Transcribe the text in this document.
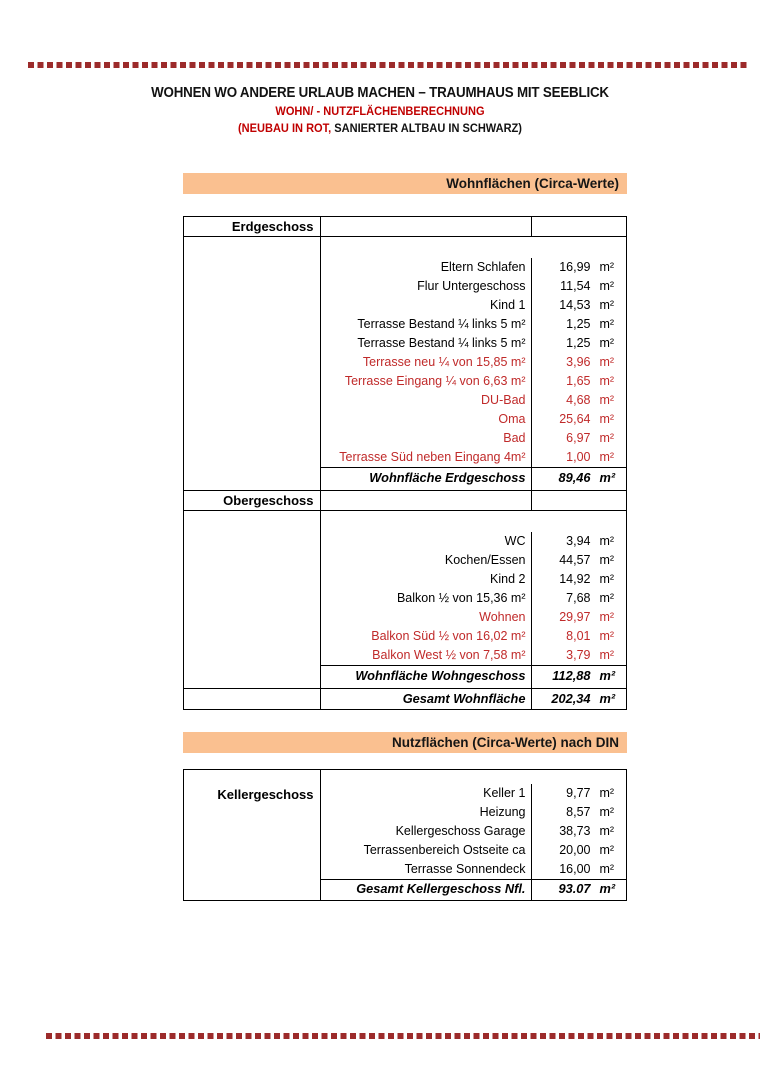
WOHNEN WO ANDERE URLAUB MACHEN – TRAUMHAUS MIT SEEBLICK
WOHN/ - NUTZFLÄCHENBERECHNUNG
(NEUBAU IN ROT, SANIERTER ALTBAU IN SCHWARZ)
Wohnflächen (Circa-Werte)
Erdgeschoss
Eltern Schlafen	16,99 m²
Flur Untergeschoss	11,54 m²
Kind 1	14,53 m²
Terrasse Bestand ¼ links 5 m²	1,25 m²
Terrasse Bestand ¼ links 5 m²	1,25 m²
Terrasse neu ¼ von 15,85 m²	3,96 m²
Terrasse Eingang ¼ von 6,63 m²	1,65 m²
DU-Bad	4,68 m²
Oma	25,64 m²
Bad	6,97 m²
Terrasse Süd neben Eingang 4m²	1,00 m²
Wohnfläche Erdgeschoss	89,46 m²
Obergeschoss
WC	3,94 m²
Kochen/Essen	44,57 m²
Kind 2	14,92 m²
Balkon ½ von 15,36 m²	7,68 m²
Wohnen	29,97 m²
Balkon Süd ½ von 16,02 m²	8,01 m²
Balkon West ½ von 7,58 m²	3,79 m²
Wohnfläche Wohngeschoss	112,88 m²
Gesamt Wohnfläche	202,34 m²
Nutzflächen (Circa-Werte) nach DIN
Kellergeschoss	Keller 1	9,77 m²
Heizung	8,57 m²
Kellergeschoss Garage	38,73 m²
Terrassenbereich Ostseite ca	20,00 m²
Terrasse Sonnendeck	16,00 m²
Gesamt Kellergeschoss Nfl.	93.07 m²
